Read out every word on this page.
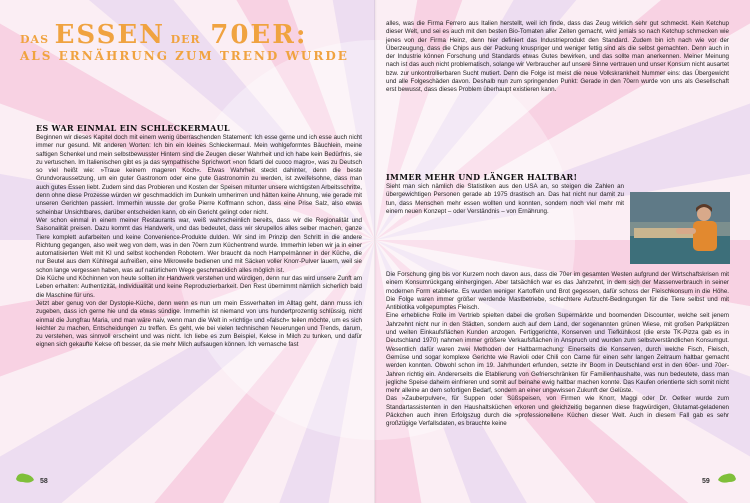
DAS ESSEN DER 70ER:
ALS ERNÄHRUNG ZUM TREND WURDE
ES WAR EINMAL EIN SCHLECKERMAUL

Beginnen wir dieses Kapitel doch mit einem wenig überraschenden Statement: Ich esse gerne und ich esse auch nicht immer nur gesund. Mit anderen Worten: Ich bin ein kleines Schleckermaul. Mein wohlgeformtes Bäuchlein, meine saftigen Schenkel und mein selbstbewusster Hintern sind die Zeugen dieser Wahrheit und ich habe kein Bedürfnis, sie zu vertuschen. Im Italienischen gibt es ja das sympathische Sprichwort »non fidarti del cuoco magro«, was zu Deutsch so viel heißt wie: »Traue keinem mageren Koch«. Etwas Wahrheit steckt dahinter, denn die beste Grundvoraussetzung, um ein guter Gastronom oder eine gute Gastronomin zu werden, ist zweifelsohne, dass man auch gutes Essen liebt. Zudem sind das Probieren und Kosten der Speisen mitunter unsere wichtigsten Arbeitsschritte, denn ohne diese Prozesse würden wir geschmacklich im Dunkeln umherirren und hätten keine Ahnung, wie gerade mit unseren Gerichten passiert. Immerhin wusste der große Pierre Koffmann schon, dass eine Prise Salz, also etwas scheinbar Unsichtbares, darüber entscheiden kann, ob ein Gericht gelingt oder nicht.

Wer schon einmal in einem meiner Restaurants war, weiß wahrscheinlich bereits, dass wir die Regionalität und Saisonalität preisen. Dazu kommt das Handwerk, und das bedeutet, dass wir skrupellos alles selber machen, ganze Tiere komplett aufarbeiten und keine Convenience-Produkte dulden. Wir sind im Prinzip den Schritt in die andere Richtung gegangen, also weit weg von dem, was in den 70ern zum Küchentrend wurde. Immerhin leben wir ja in einer automatisierten Welt mit KI und selbst kochenden Robotern. Wer braucht da noch Hampelmänner in der Küche, die nur Beutel aus dem Kühlregal aufreißen, eine Mikrowelle bedienen und mit Säcken voller Knorr-Pulver lauern, weil sie schon lange vergessen haben, was auf natürlichem Wege geschmacklich alles möglich ist.

Die Küche und Köchinnen von heute sollten ihr Handwerk verstehen und würdigen, denn nur das wird unsere Zunft am Leben erhalten: Authentizität, Individualität und keine Reproduzierbarkeit. Den Rest übernimmt nämlich sicherlich bald die Maschine für uns.

Jetzt aber genug von der Dystopie-Küche, denn wenn es nun um mein Essverhalten im Alltag geht, dann muss ich zugeben, dass ich gerne hie und da etwas sündige. Immerhin ist niemand von uns hundertprozentig schlüssig, nicht einmal die Jungfrau Maria, und man wäre naiv, wenn man die Welt in »richtig« und »falsch« teilen möchte, um es sich leichter zu machen, Entscheidungen zu treffen. Es geht, wie bei vielen technischen Neuerungen und Trends, darum, zu verstehen, was sinnvoll erscheint und was nicht. Ich liebe es zum Beispiel, Kekse in Milch zu tunken, und dafür eignen sich gekaufte Kekse oft besser, da sie mehr Milch aufsaugen können. Ich vernasche fast

alles, was die Firma Ferrero aus Italien herstellt, weil ich finde, dass das Zeug wirklich sehr gut schmeckt. Kein Ketchup dieser Welt, und sei es auch mit den besten Bio-Tomaten aller Zeiten gemacht, wird jemals so nach Ketchup schmecken wie jenes von der Firma Heinz, denn hier definiert das Industrieprodukt den Standard. Zudem bin ich nach wie vor der Überzeugung, dass die Chips aus der Packung knuspriger und weniger fettig sind als die selbst gemachten. Denn auch in der Industrie können Forschung und Standards etwas Gutes bewirken, und das sollte man anerkennen. Meiner Meinung nach ist das auch nicht problematisch, solange wir Verbraucher auf unsere Sinne vertrauen und unser Konsum nicht ausartet bzw. zur unkontrollierbaren Sucht mutiert. Denn die Folge ist meist die neue Volkskrankheit Nummer eins: das Übergewicht und alle Folgeschäden davon. Deshalb nun zum springenden Punkt: Gerade in den 70ern wurde von uns als Gesellschaft erst bewusst, dass dieses Problem überhaupt existieren kann.

IMMER MEHR UND LÄNGER HALTBAR!

Sieht man sich nämlich die Statistiken aus den USA an, so steigen die Zahlen an übergewichtigen Personen gerade ab 1975 drastisch an. Das hat nicht nur damit zu tun, dass Menschen mehr essen wollten und konnten, sondern noch viel mehr mit einem neuen Konzept – oder Verständnis – von Ernährung.

Die Forschung ging bis vor Kurzem noch davon aus, dass die 70er im gesamten Westen aufgrund der Wirtschaftskrisen mit einem Konsumrückgang einhergingen. Aber tatsächlich war es das Jahrzehnt, in dem sich der Massenverbrauch in seiner modernen Form etablierte. Es wurden weniger Kartoffeln und Brot gegessen, dafür schoss der Fleischkonsum in die Höhe. Die Folge waren immer größer werdende Mastbetriebe, schlechtere Aufzucht-Bedingungen für die Tiere selbst und mit Antibiotika vollgepumptes Fleisch.

Eine erhebliche Rolle im Vertrieb spielten dabei die großen Supermärkte und boomenden Discounter, welche seit jenem Jahrzehnt nicht nur in den Städten, sondern auch auf dem Land, der sogenannten grünen Wiese, mit großen Parkplätzen und weiten Einkaufsflächen Kunden anzogen. Fertiggerichte, Konserven und Tiefkühlkost (die erste TK-Pizza gab es in Deutschland 1970) nahmen immer größere Verkaufsflächen in Anspruch und wurden zum selbstverständlichen Konsumgut. Wesentlich dafür waren zwei Methoden der Haltbarmachung: Einerseits die Konserven, durch welche Fisch, Fleisch, Gemüse und sogar komplexe Gerichte wie Ravioli oder Chili con Carne für einen sehr langen Zeitraum haltbar gemacht werden konnten. Obwohl schon im 19. Jahrhundert erfunden, setzte ihr Boom in Deutschland erst in den 60er- und 70er-Jahren richtig ein. Andererseits die Etablierung von Gefrierschränken für Familienhaushalte, was nun bedeutete, dass man jegliche Speise daheim einfrieren und somit auf beinahe ewig haltbar machen konnte. Das Kaufen orientierte sich somit nicht mehr alleine an dem sofortigen Bedarf, sondern an einer ungewissen Zukunft der Gelüste.

Das »Zauberpulver«, für Suppen oder Süßspeisen, von Firmen wie Knorr, Maggi oder Dr. Oetker wurde zum Standartassistenten in den Haushaltsküchen erkoren und gleichzeitig begannen diese fragwürdigen, Glutamat-geladenen Päckchen auch ihren Erfolgszug durch die »professionellen« Küchen dieser Welt. Auch in diesem Fall gab es sehr großzügige Verfallsdaten, es brauchte keine

58	59
